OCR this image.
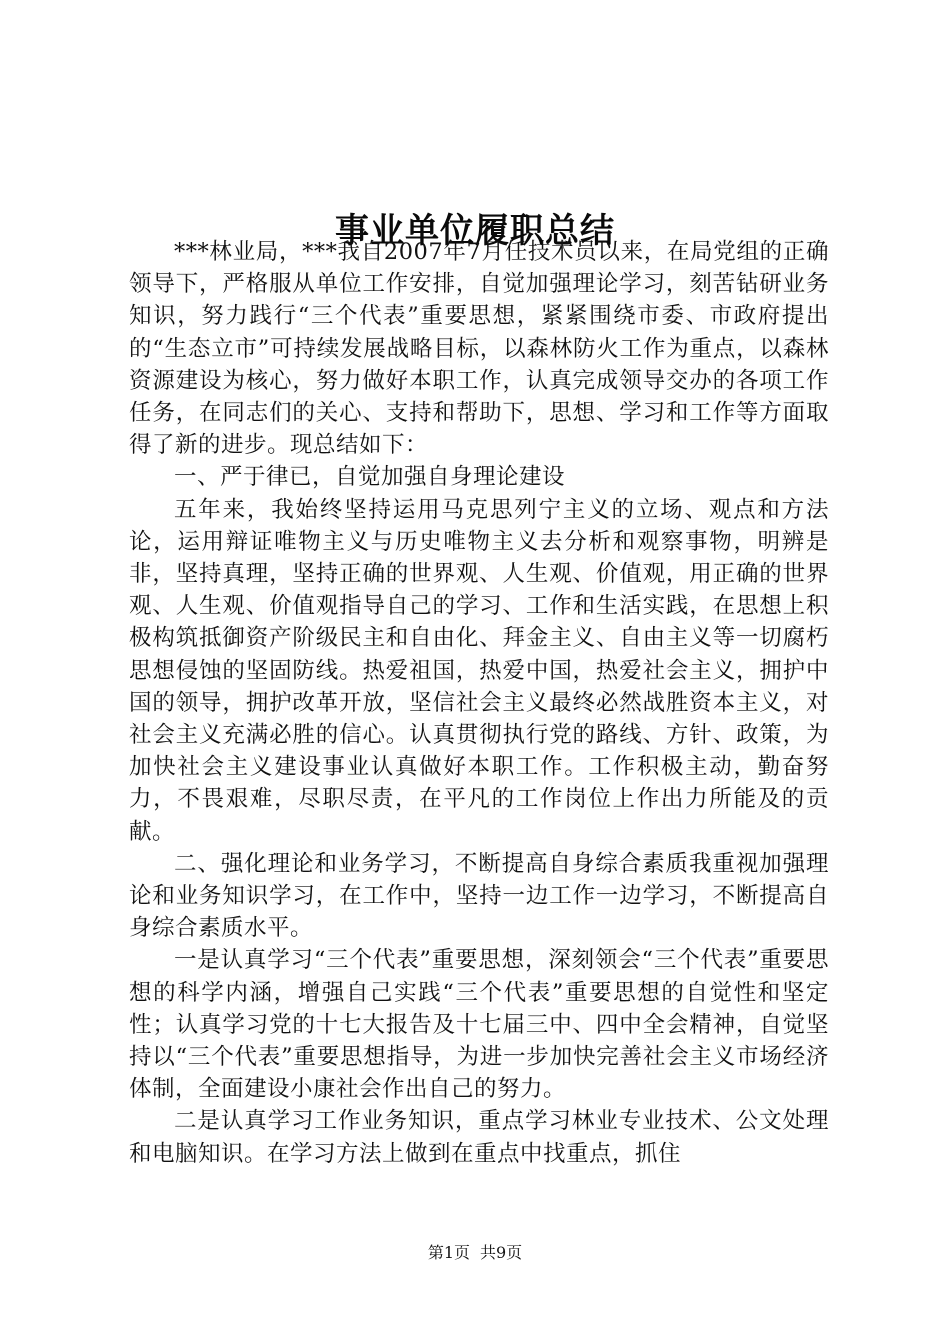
事业单位履职总结

***林业局，***我自2007年7月任技术员以来，在局党组的正确领导下，严格服从单位工作安排，自觉加强理论学习，刻苦钻研业务知识，努力践行“三个代表”重要思想，紧紧围绕市委、市政府提出的“生态立市”可持续发展战略目标，以森林防火工作为重点，以森林资源建设为核心，努力做好本职工作，认真完成领导交办的各项工作任务，在同志们的关心、支持和帮助下，思想、学习和工作等方面取得了新的进步。现总结如下：

一、严于律已，自觉加强自身理论建设

五年来，我始终坚持运用马克思列宁主义的立场、观点和方法论，运用辩证唯物主义与历史唯物主义去分析和观察事物，明辨是非，坚持真理，坚持正确的世界观、人生观、价值观，用正确的世界观、人生观、价值观指导自己的学习、工作和生活实践，在思想上积极构筑抵御资产阶级民主和自由化、拜金主义、自由主义等一切腐朽思想侵蚀的坚固防线。热爱祖国，热爱中国，热爱社会主义，拥护中国的领导，拥护改革开放，坚信社会主义最终必然战胜资本主义，对社会主义充满必胜的信心。认真贯彻执行党的路线、方针、政策，为加快社会主义建设事业认真做好本职工作。工作积极主动，勤奋努力，不畏艰难，尽职尽责，在平凡的工作岗位上作出力所能及的贡献。

二、强化理论和业务学习，不断提高自身综合素质我重视加强理论和业务知识学习，在工作中，坚持一边工作一边学习，不断提高自身综合素质水平。

一是认真学习“三个代表”重要思想，深刻领会“三个代表”重要思想的科学内涵，增强自己实践“三个代表”重要思想的自觉性和坚定性；认真学习党的十七大报告及十七届三中、四中全会精神，自觉坚持以“三个代表”重要思想指导，为进一步加快完善社会主义市场经济体制，全面建设小康社会作出自己的努力。

二是认真学习工作业务知识，重点学习林业专业技术、公文处理和电脑知识。在学习方法上做到在重点中找重点，抓住

第1页 共9页
